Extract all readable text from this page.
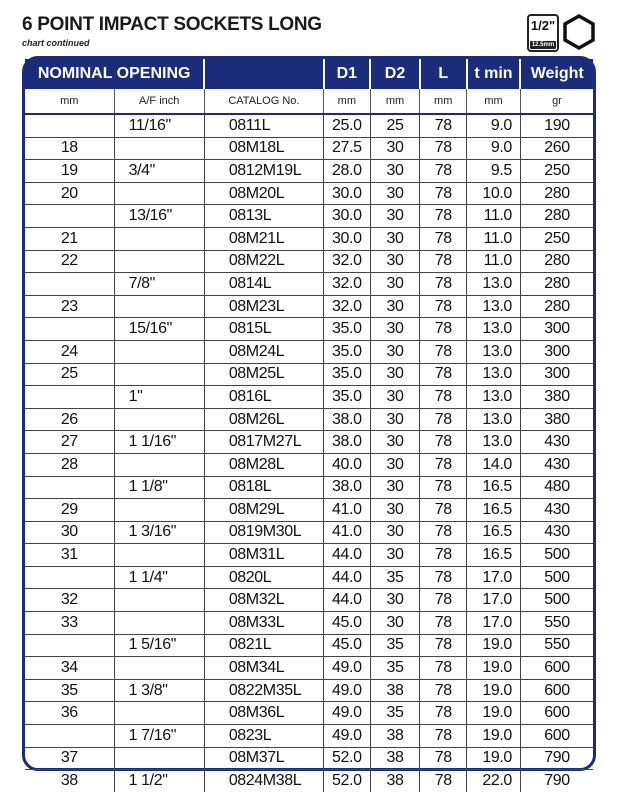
6 POINT IMPACT SOCKETS LONG
chart continued
1/2"
12.5mm
NOMINAL OPENING			D1	D2	L	t min	Weight
mm	A/F inch	CATALOG No.	mm	mm	mm	mm	gr
	11/16"	0811L	25.0	25	78	9.0	190
18		08M18L	27.5	30	78	9.0	260
19	3/4"	0812M19L	28.0	30	78	9.5	250
20		08M20L	30.0	30	78	10.0	280
	13/16"	0813L	30.0	30	78	11.0	280
21		08M21L	30.0	30	78	11.0	250
22		08M22L	32.0	30	78	11.0	280
	7/8"	0814L	32.0	30	78	13.0	280
23		08M23L	32.0	30	78	13.0	280
	15/16"	0815L	35.0	30	78	13.0	300
24		08M24L	35.0	30	78	13.0	300
25		08M25L	35.0	30	78	13.0	300
	1"	0816L	35.0	30	78	13.0	380
26		08M26L	38.0	30	78	13.0	380
27	1 1/16"	0817M27L	38.0	30	78	13.0	430
28		08M28L	40.0	30	78	14.0	430
	1 1/8"	0818L	38.0	30	78	16.5	480
29		08M29L	41.0	30	78	16.5	430
30	1 3/16"	0819M30L	41.0	30	78	16.5	430
31		08M31L	44.0	30	78	16.5	500
	1 1/4"	0820L	44.0	35	78	17.0	500
32		08M32L	44.0	30	78	17.0	500
33		08M33L	45.0	30	78	17.0	550
	1 5/16"	0821L	45.0	35	78	19.0	550
34		08M34L	49.0	35	78	19.0	600
35	1 3/8"	0822M35L	49.0	38	78	19.0	600
36		08M36L	49.0	35	78	19.0	600
	1 7/16"	0823L	49.0	38	78	19.0	600
37		08M37L	52.0	38	78	19.0	790
38	1 1/2"	0824M38L	52.0	38	78	22.0	790
